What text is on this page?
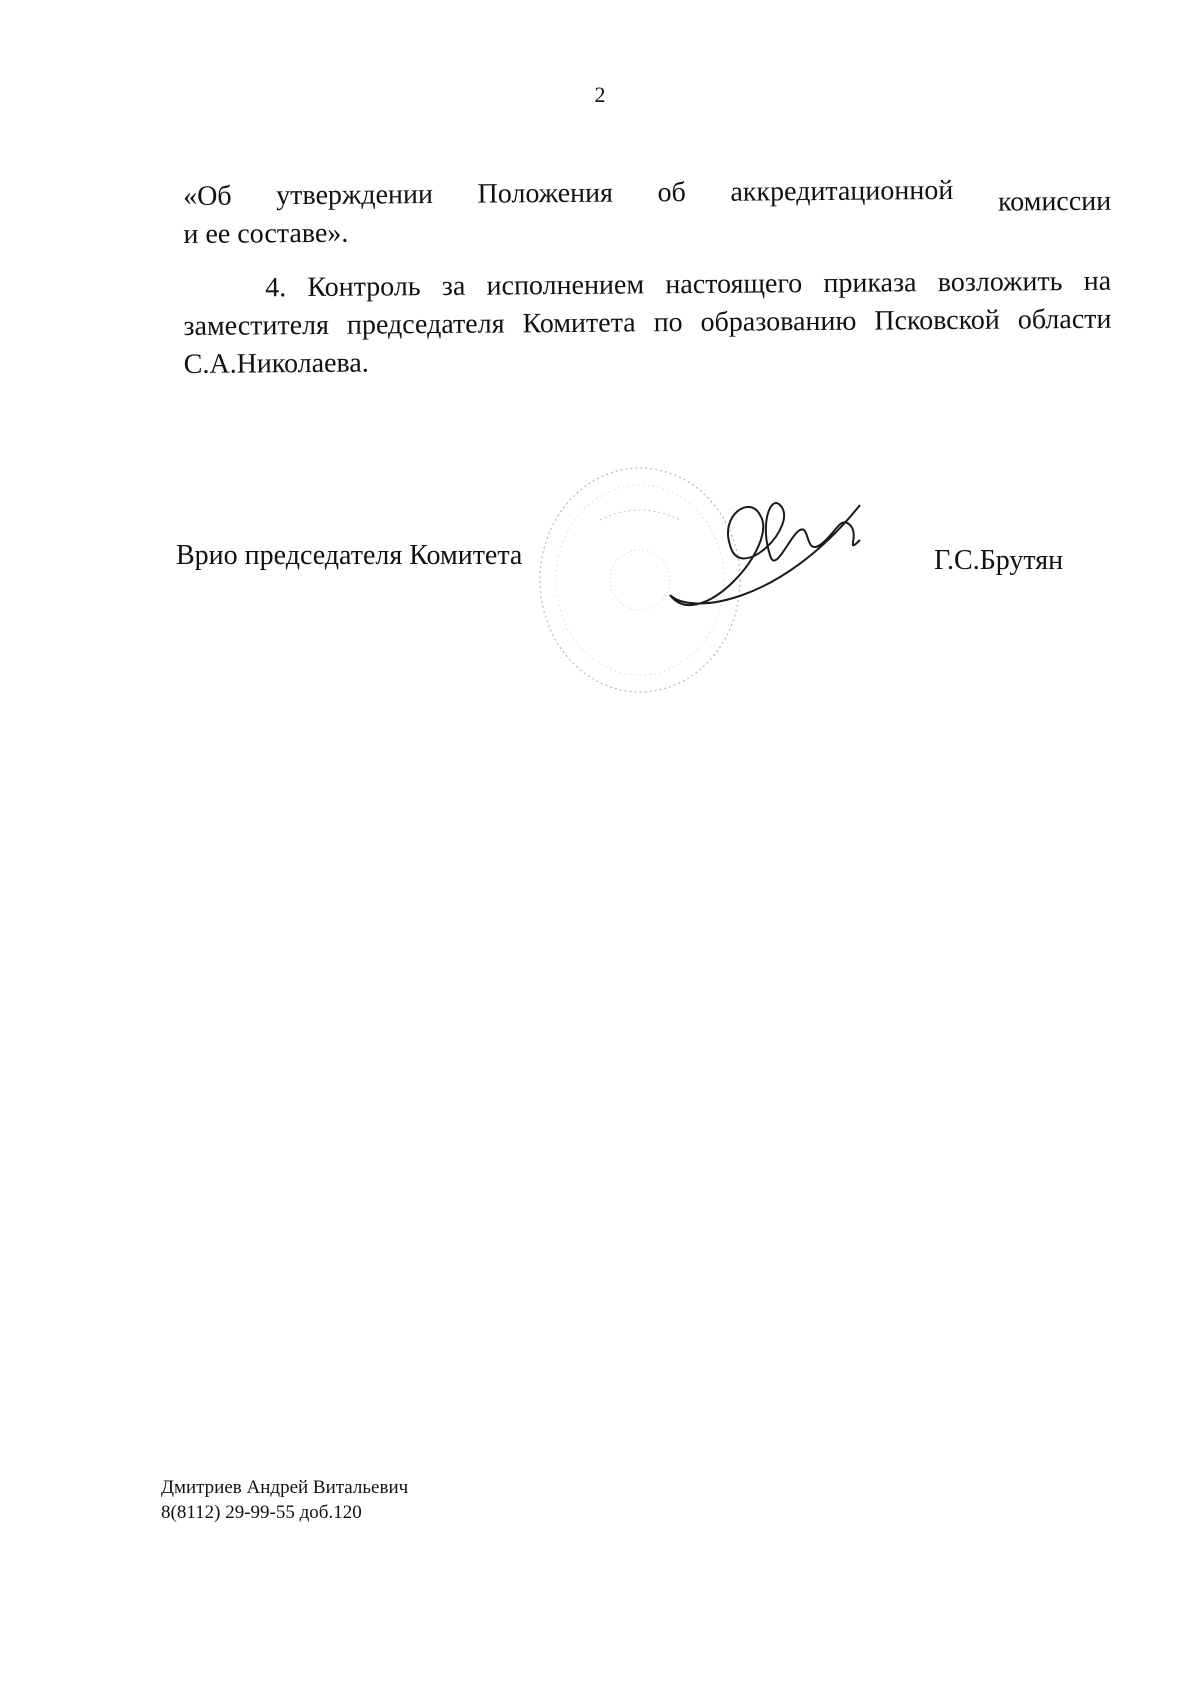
2
«Об утверждении Положения об аккредитационной комиссии
и ее составе».
4. Контроль за исполнением настоящего приказа возложить на заместителя председателя Комитета по образованию Псковской области С.А.Николаева.
Врио председателя Комитета	Г.С.Брутян
Дмитриев Андрей Витальевич
8(8112) 29-99-55 доб.120
